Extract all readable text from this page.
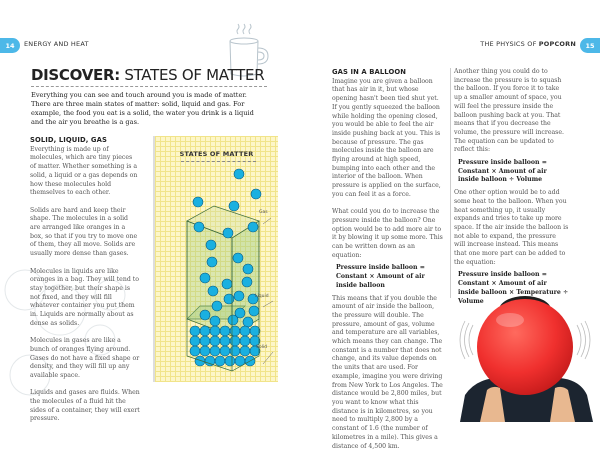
14	ENERGY AND HEAT
DISCOVER: STATES OF MATTER
Everything you can see and touch around you is made of matter. There are three main states of matter: solid, liquid and gas. For example, the food you eat is a solid, the water you drink is a liquid and the air you breathe is a gas.
SOLID, LIQUID, GAS

Everything is made up of molecules, which are tiny pieces of matter. Whether something is a solid, a liquid or a gas depends on how these molecules hold themselves to each other.

Solids are hard and keep their shape. The molecules in a solid are arranged like oranges in a box, so that if you try to move one of them, they all move. Solids are usually more dense than gases.

Molecules in liquids are like oranges in a bag. They will tend to stay together, but their shape is not fixed, and they will fill whatever container you put them in. Liquids are normally about as dense as solids.

Molecules in gases are like a bunch of oranges flying around. Gases do not have a fixed shape or density, and they will fill up any available space.

Liquids and gases are fluids. When the molecules of a fluid hit the sides of a container, they will exert pressure.

STATES OF MATTER
Gas
Liquid
Solid
15
THE PHYSICS OF POPCORN
GAS IN A BALLOON

Imagine you are given a balloon that has air in it, but whose opening hasn't been tied shut yet. If you gently squeezed the balloon while holding the opening closed, you would be able to feel the air inside pushing back at you. This is because of pressure. The gas molecules inside the balloon are flying around at high speed, bumping into each other and the interior of the balloon. When pressure is applied on the surface, you can feel it as a force.

What could you do to increase the pressure inside the balloon? One option would be to add more air to it by blowing it up some more. This can be written down as an equation:

Pressure inside balloon = Constant × Amount of air inside balloon

This means that if you double the amount of air inside the balloon, the pressure will double. The pressure, amount of gas, volume and temperature are all variables, which means they can change. The constant is a number that does not change, and its value depends on the units that are used. For example, imagine you were driving from New York to Los Angeles. The distance would be 2,800 miles, but you want to know what this distance is in kilometres, so you need to multiply 2,800 by a constant of 1.6 (the number of kilometres in a mile). This gives a distance of 4,500 km.

Another thing you could do to increase the pressure is to squash the balloon. If you force it to take up a smaller amount of space, you will feel the pressure inside the balloon pushing back at you. That means that if you decrease the volume, the pressure will increase. The equation can be updated to reflect this:

Pressure inside balloon = Constant × Amount of air inside balloon ÷ Volume

One other option would be to add some heat to the balloon. When you heat something up, it usually expands and tries to take up more space. If the air inside the balloon is not able to expand, the pressure will increase instead. This means that one more part can be added to the equation:

Pressure inside balloon = Constant × Amount of air inside balloon × Temperature ÷ Volume
